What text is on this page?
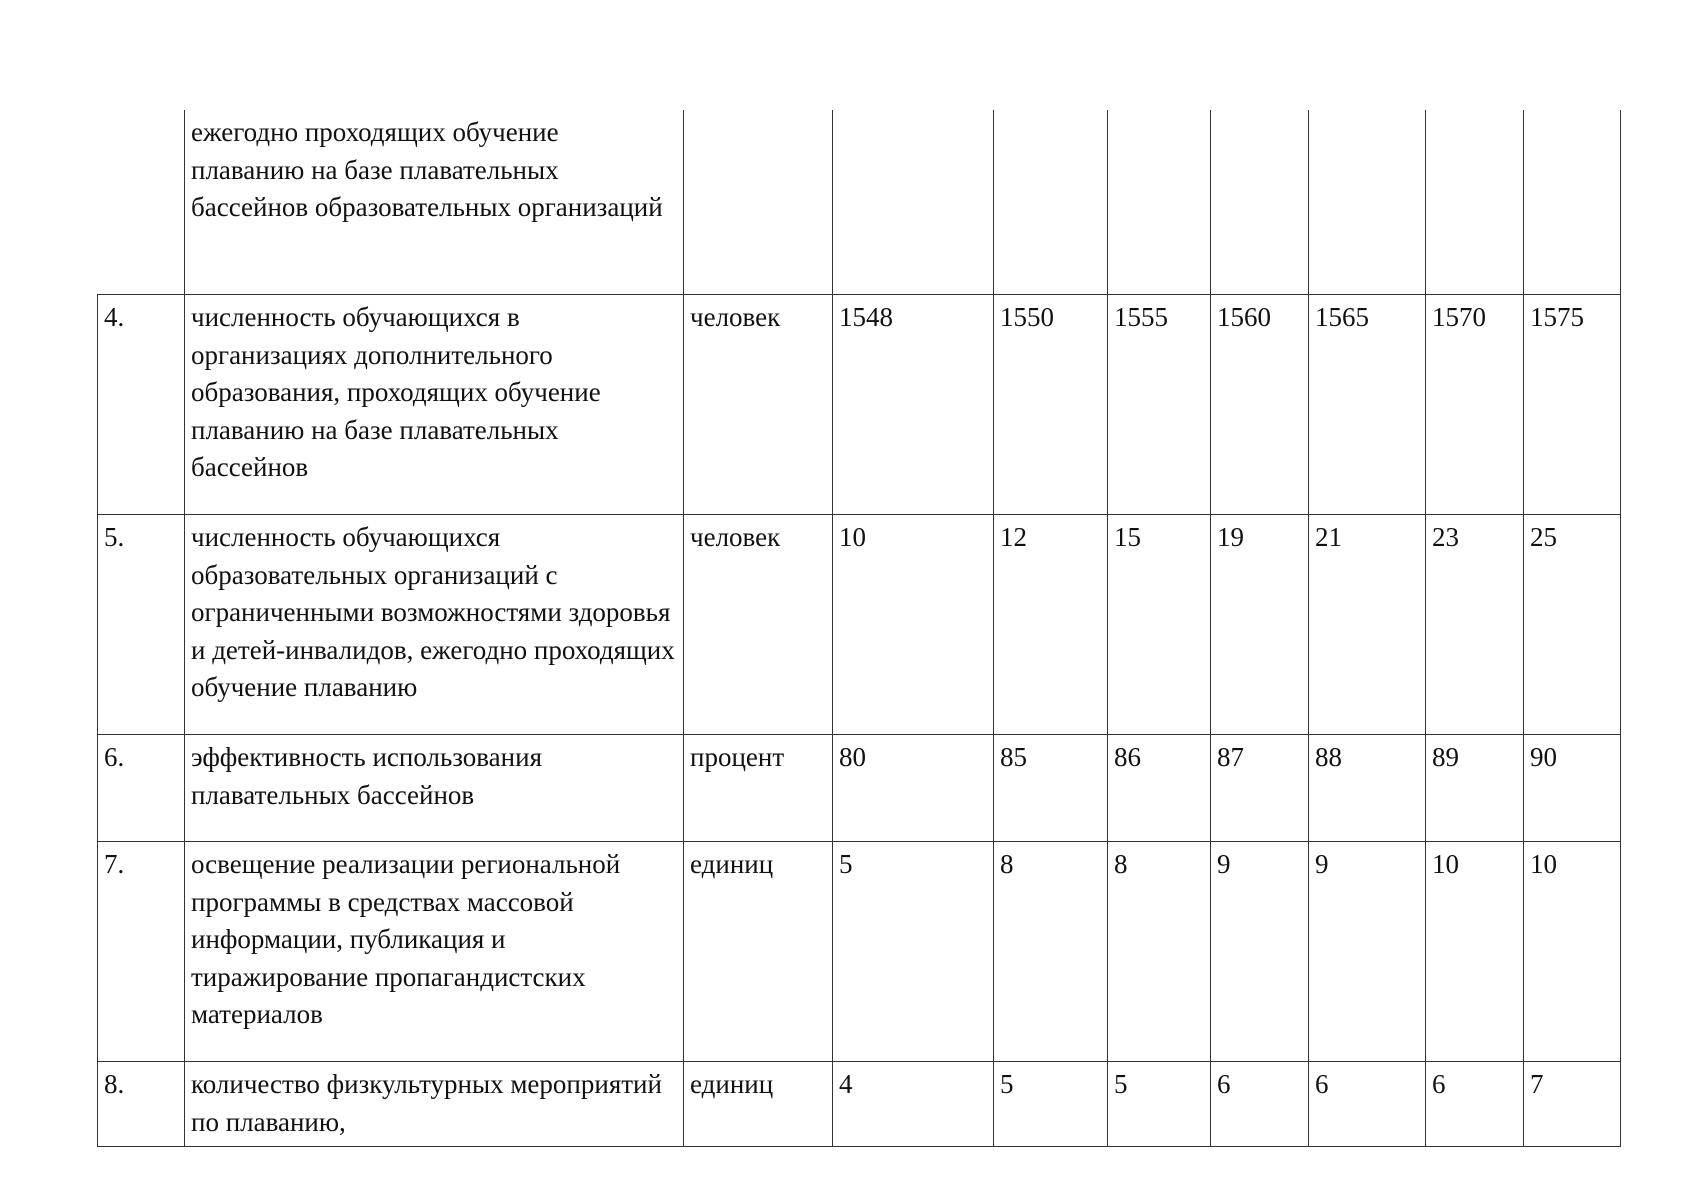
	ежегодно проходящих обучение плаванию на базе плавательных бассейнов образовательных организаций								
4.	численность обучающихся в организациях дополнительного образования, проходящих обучение плаванию на базе плавательных бассейнов	человек	1548	1550	1555	1560	1565	1570	1575
5.	численность обучающихся образовательных организаций с ограниченными возможностями здоровья и детей-инвалидов, ежегодно проходящих обучение плаванию	человек	10	12	15	19	21	23	25
6.	эффективность использования плавательных бассейнов	процент	80	85	86	87	88	89	90
7.	освещение реализации региональной программы в средствах массовой информации, публикация и тиражирование пропагандистских материалов	единиц	5	8	8	9	9	10	10
8.	количество физкультурных мероприятий по плаванию,	единиц	4	5	5	6	6	6	7
